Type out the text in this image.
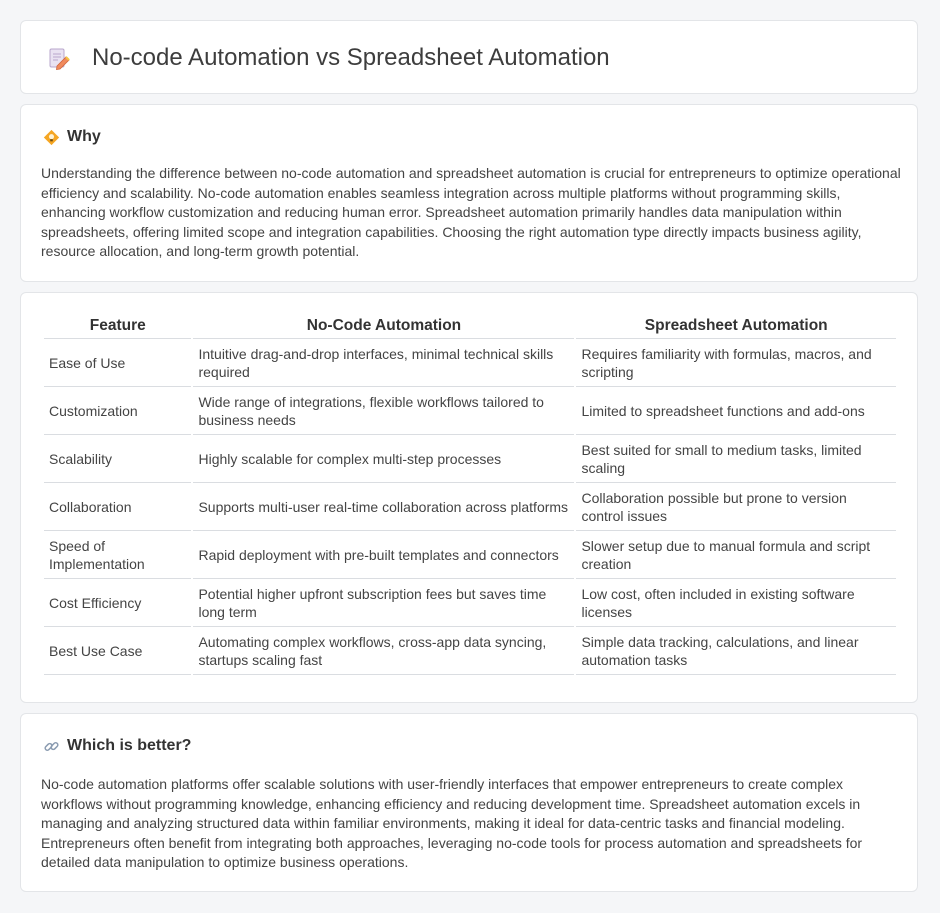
No-code Automation vs Spreadsheet Automation
Why

Understanding the difference between no-code automation and spreadsheet automation is crucial for entrepreneurs to optimize operational efficiency and scalability. No-code automation enables seamless integration across multiple platforms without programming skills, enhancing workflow customization and reducing human error. Spreadsheet automation primarily handles data manipulation within spreadsheets, offering limited scope and integration capabilities. Choosing the right automation type directly impacts business agility, resource allocation, and long-term growth potential.

Feature	No-Code Automation	Spreadsheet Automation
Ease of Use	Intuitive drag-and-drop interfaces, minimal technical skills required	Requires familiarity with formulas, macros, and scripting
Customization	Wide range of integrations, flexible workflows tailored to business needs	Limited to spreadsheet functions and add-ons
Scalability	Highly scalable for complex multi-step processes	Best suited for small to medium tasks, limited scaling
Collaboration	Supports multi-user real-time collaboration across platforms	Collaboration possible but prone to version control issues
Speed of Implementation	Rapid deployment with pre-built templates and connectors	Slower setup due to manual formula and script creation
Cost Efficiency	Potential higher upfront subscription fees but saves time long term	Low cost, often included in existing software licenses
Best Use Case	Automating complex workflows, cross-app data syncing, startups scaling fast	Simple data tracking, calculations, and linear automation tasks
Which is better?

No-code automation platforms offer scalable solutions with user-friendly interfaces that empower entrepreneurs to create complex workflows without programming knowledge, enhancing efficiency and reducing development time. Spreadsheet automation excels in managing and analyzing structured data within familiar environments, making it ideal for data-centric tasks and financial modeling. Entrepreneurs often benefit from integrating both approaches, leveraging no-code tools for process automation and spreadsheets for detailed data manipulation to optimize business operations.
